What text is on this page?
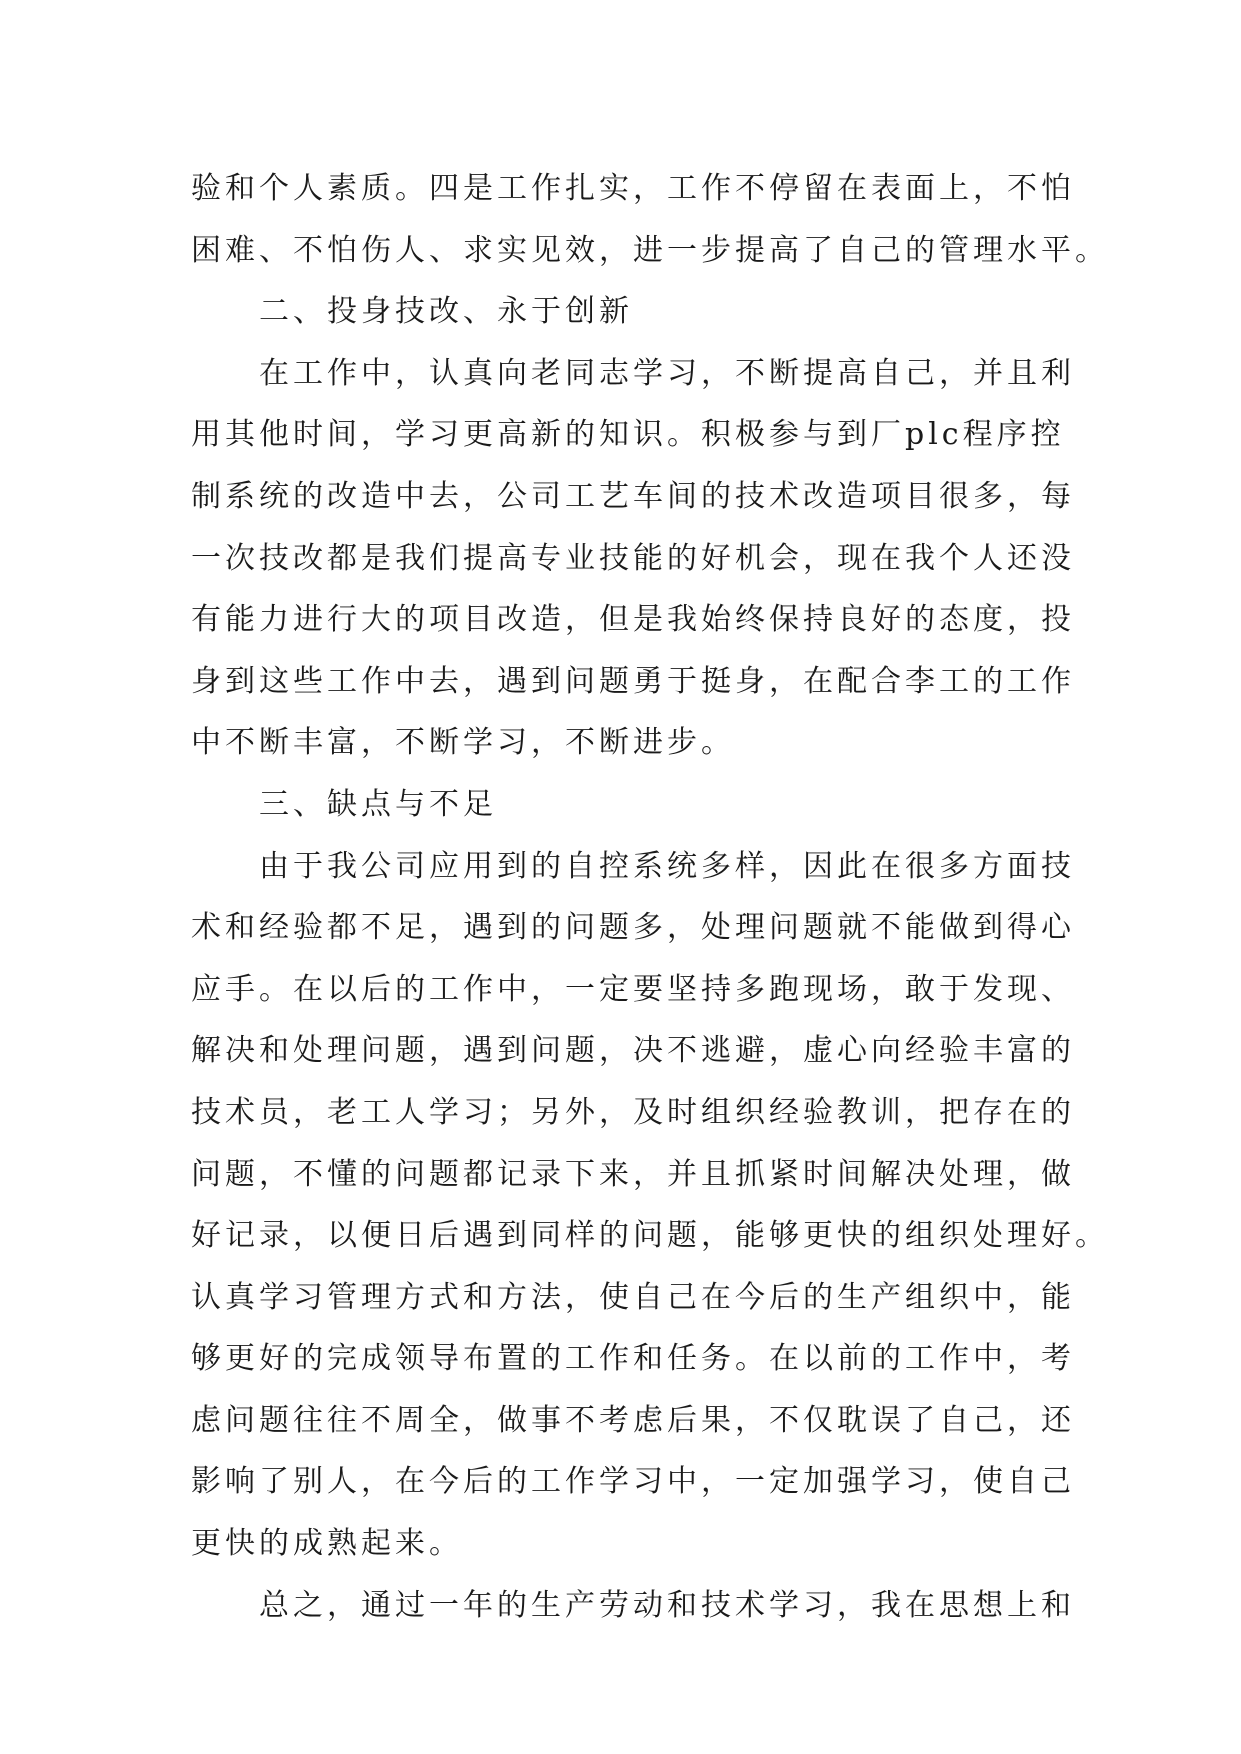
验和个人素质。四是工作扎实，工作不停留在表面上，不怕
困难、不怕伤人、求实见效，进一步提高了自己的管理水平。
二、投身技改、永于创新
在工作中，认真向老同志学习，不断提高自己，并且利
用其他时间，学习更高新的知识。积极参与到厂plc程序控
制系统的改造中去，公司工艺车间的技术改造项目很多，每
一次技改都是我们提高专业技能的好机会，现在我个人还没
有能力进行大的项目改造，但是我始终保持良好的态度，投
身到这些工作中去，遇到问题勇于挺身，在配合李工的工作
中不断丰富，不断学习，不断进步。
三、缺点与不足
由于我公司应用到的自控系统多样，因此在很多方面技
术和经验都不足，遇到的问题多，处理问题就不能做到得心
应手。在以后的工作中，一定要坚持多跑现场，敢于发现、
解决和处理问题，遇到问题，决不逃避，虚心向经验丰富的
技术员，老工人学习；另外，及时组织经验教训，把存在的
问题，不懂的问题都记录下来，并且抓紧时间解决处理，做
好记录，以便日后遇到同样的问题，能够更快的组织处理好。
认真学习管理方式和方法，使自己在今后的生产组织中，能
够更好的完成领导布置的工作和任务。在以前的工作中，考
虑问题往往不周全，做事不考虑后果，不仅耽误了自己，还
影响了别人，在今后的工作学习中，一定加强学习，使自己
更快的成熟起来。
总之，通过一年的生产劳动和技术学习，我在思想上和
